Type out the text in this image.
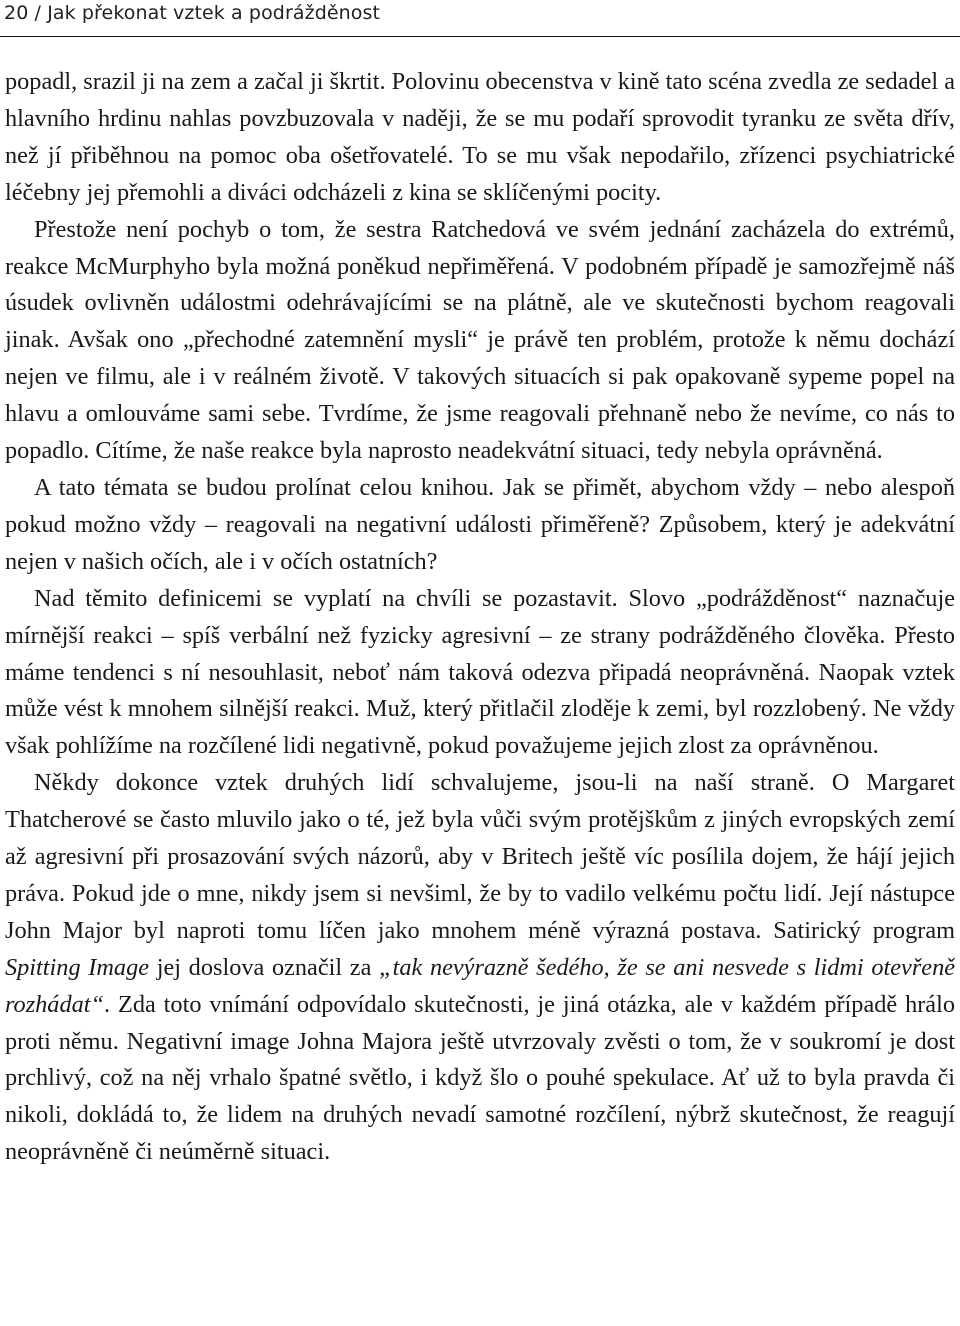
20 / Jak překonat vztek a podrážděnost

popadl, srazil ji na zem a začal ji škrtit. Polovinu obecenstva v kině tato scéna zvedla ze sedadel a hlavního hrdinu nahlas povzbuzovala v naději, že se mu podaří sprovodit tyranku ze světa dřív, než jí přiběhnou na pomoc oba ošetřovatelé. To se mu však nepodařilo, zřízenci psychiatrické léčebny jej přemohli a diváci odcházeli z kina se sklíčenými pocity.

Přestože není pochyb o tom, že sestra Ratchedová ve svém jednání zacházela do extrémů, reakce McMurphyho byla možná poněkud nepřiměřená. V podobném případě je samozřejmě náš úsudek ovlivněn událostmi odehrávajícími se na plátně, ale ve skutečnosti bychom reagovali jinak. Avšak ono „přechodné zatemnění mysli“ je právě ten problém, protože k němu dochází nejen ve filmu, ale i v reálném životě. V takových situacích si pak opakovaně sypeme popel na hlavu a omlouváme sami sebe. Tvrdíme, že jsme reagovali přehnaně nebo že nevíme, co nás to popadlo. Cítíme, že naše reakce byla naprosto neadekvátní situaci, tedy nebyla oprávněná.

A tato témata se budou prolínat celou knihou. Jak se přimět, abychom vždy – nebo alespoň pokud možno vždy – reagovali na negativní události přiměřeně? Způsobem, který je adekvátní nejen v našich očích, ale i v očích ostatních?

Nad těmito definicemi se vyplatí na chvíli se pozastavit. Slovo „podrážděnost“ naznačuje mírnější reakci – spíš verbální než fyzicky agresivní – ze strany podrážděného člověka. Přesto máme tendenci s ní nesouhlasit, neboť nám taková odezva připadá neoprávněná. Naopak vztek může vést k mnohem silnější reakci. Muž, který přitlačil zloděje k zemi, byl rozzlobený. Ne vždy však pohlížíme na rozčílené lidi negativně, pokud považujeme jejich zlost za oprávněnou.

Někdy dokonce vztek druhých lidí schvalujeme, jsou-li na naší straně. O Margaret Thatcherové se často mluvilo jako o té, jež byla vůči svým protějškům z jiných evropských zemí až agresivní při prosazování svých názorů, aby v Britech ještě víc posílila dojem, že hájí jejich práva. Pokud jde o mne, nikdy jsem si nevšiml, že by to vadilo velkému počtu lidí. Její nástupce John Major byl naproti tomu líčen jako mnohem méně výrazná postava. Satirický program Spitting Image jej doslova označil za „tak nevýrazně šedého, že se ani nesvede s lidmi otevřeně rozhádat“. Zda toto vnímání odpovídalo skutečnosti, je jiná otázka, ale v každém případě hrálo proti němu. Negativní image Johna Majora ještě utvrzovaly zvěsti o tom, že v soukromí je dost prchlivý, což na něj vrhalo špatné světlo, i když šlo o pouhé spekulace. Ať už to byla pravda či nikoli, dokládá to, že lidem na druhých nevadí samotné rozčílení, nýbrž skutečnost, že reagují neoprávněně či neúměrně situaci.
